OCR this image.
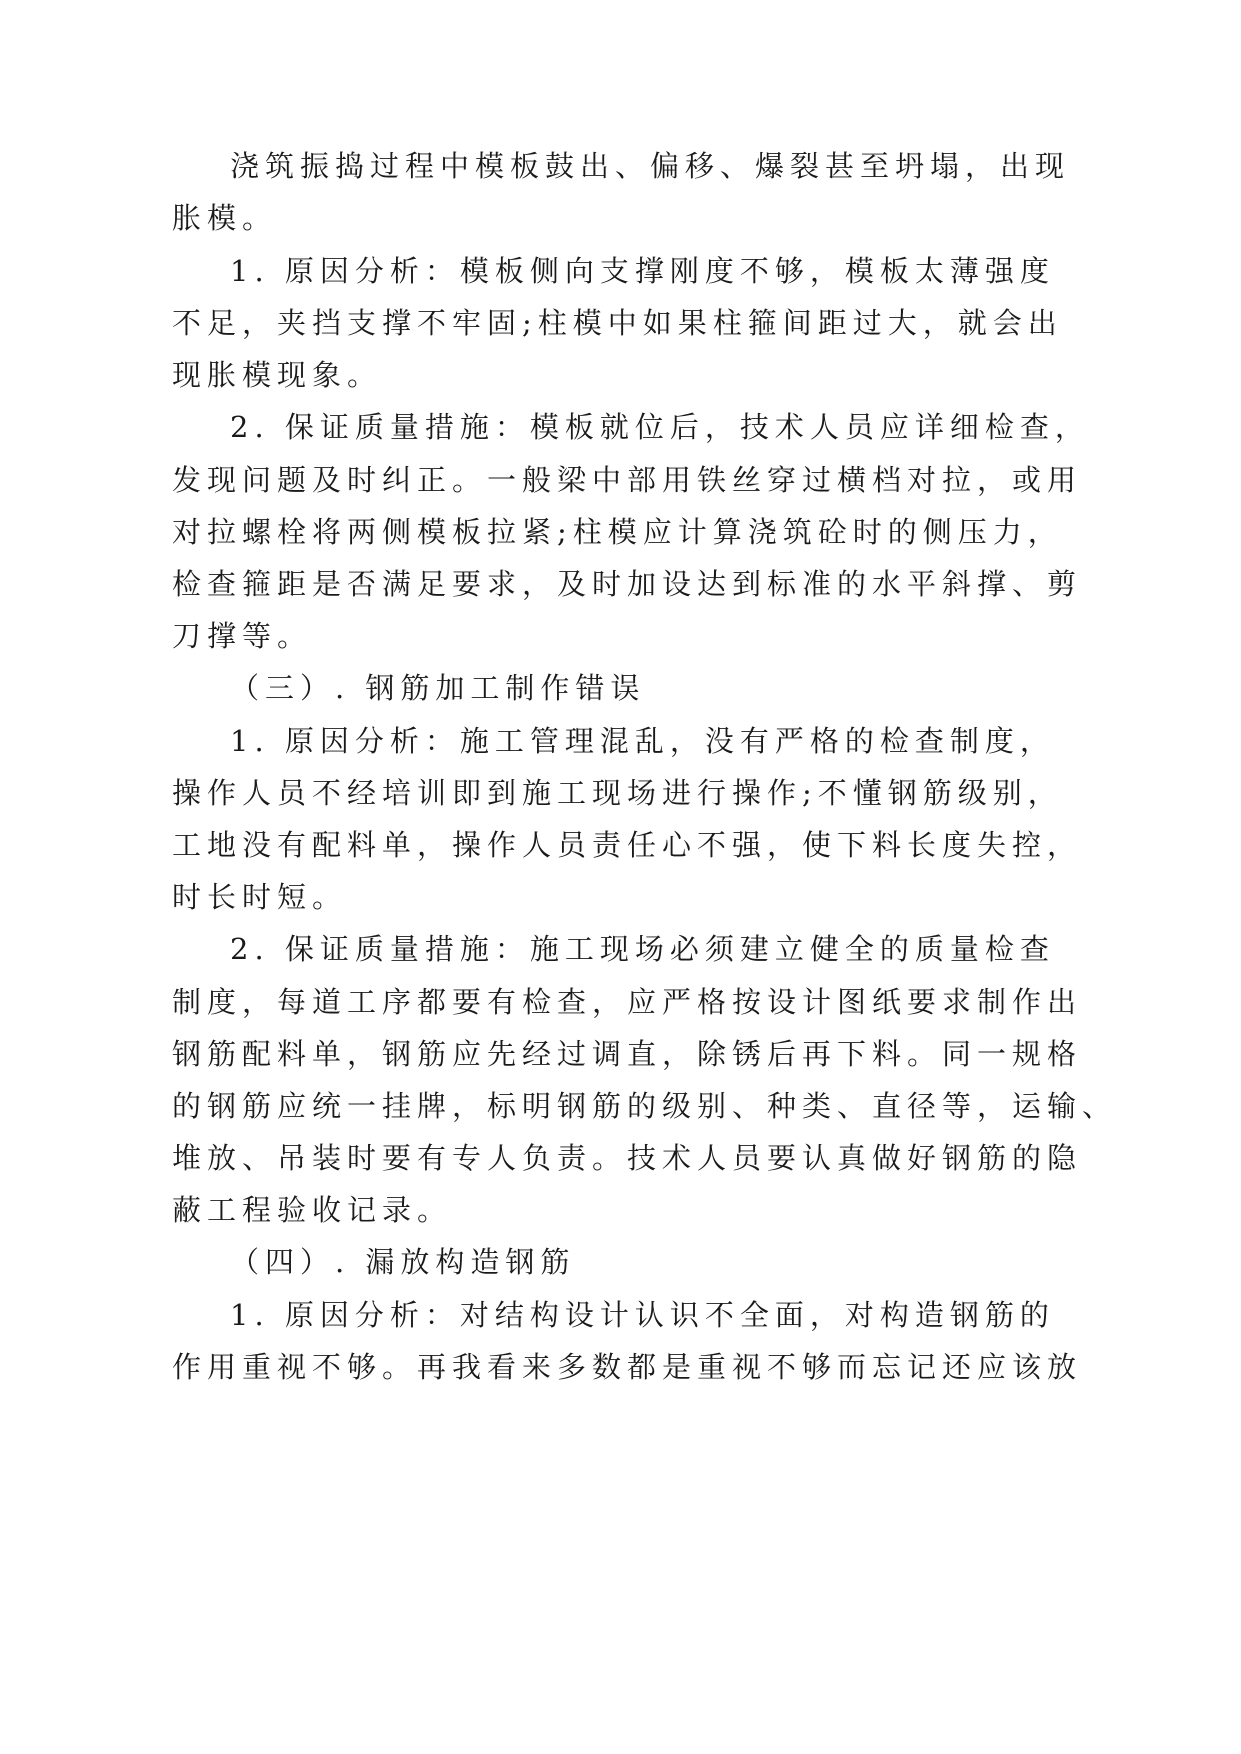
浇筑振捣过程中模板鼓出、偏移、爆裂甚至坍塌，出现
胀模。
1. 原因分析：模板侧向支撑刚度不够，模板太薄强度
不足，夹挡支撑不牢固;柱模中如果柱箍间距过大，就会出
现胀模现象。
2. 保证质量措施：模板就位后，技术人员应详细检查，
发现问题及时纠正。一般梁中部用铁丝穿过横档对拉，或用
对拉螺栓将两侧模板拉紧;柱模应计算浇筑砼时的侧压力，
检查箍距是否满足要求，及时加设达到标准的水平斜撑、剪
刀撑等。
（三）. 钢筋加工制作错误
1. 原因分析：施工管理混乱，没有严格的检查制度，
操作人员不经培训即到施工现场进行操作;不懂钢筋级别，
工地没有配料单，操作人员责任心不强，使下料长度失控，
时长时短。
2. 保证质量措施：施工现场必须建立健全的质量检查
制度，每道工序都要有检查，应严格按设计图纸要求制作出
钢筋配料单，钢筋应先经过调直，除锈后再下料。同一规格
的钢筋应统一挂牌，标明钢筋的级别、种类、直径等，运输、
堆放、吊装时要有专人负责。技术人员要认真做好钢筋的隐
蔽工程验收记录。
（四）. 漏放构造钢筋
1. 原因分析：对结构设计认识不全面，对构造钢筋的
作用重视不够。再我看来多数都是重视不够而忘记还应该放
